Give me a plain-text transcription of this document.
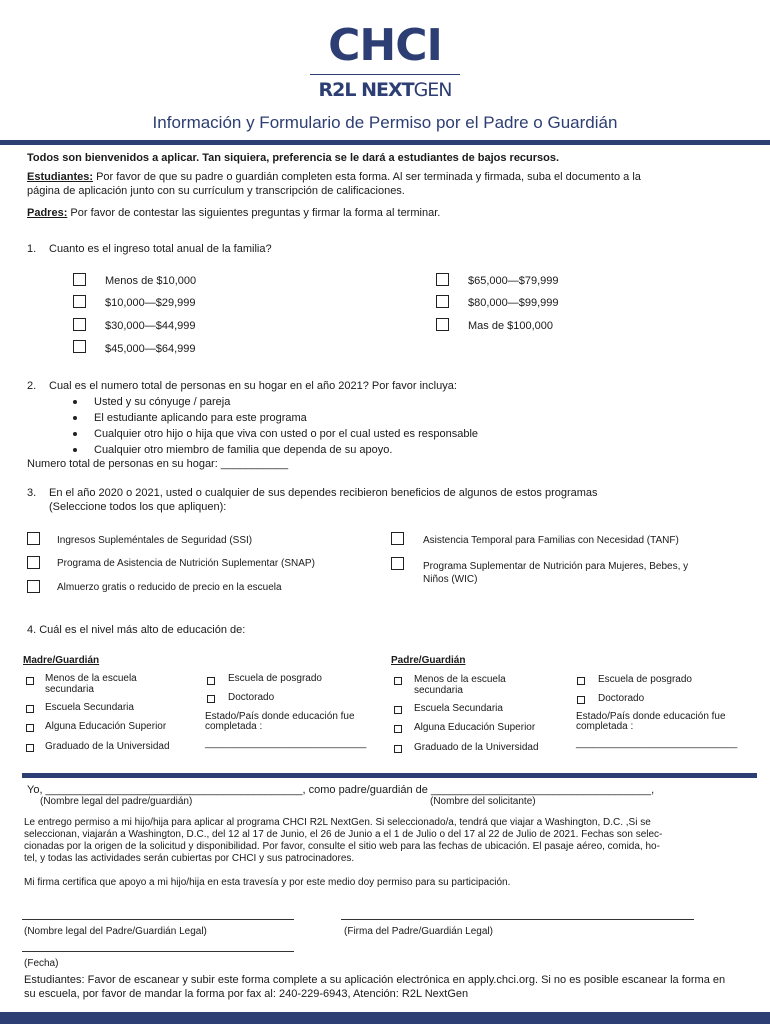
CHCI
R2L NEXTGEN
Información y Formulario de Permiso por el Padre o Guardián
Todos son bienvenidos a aplicar. Tan siquiera, preferencia se le dará a estudiantes de bajos recursos.
Estudiantes: Por favor de que su padre o guardián completen esta forma. Al ser terminada y firmada, suba el documento a la
página de aplicación junto con su currículum y transcripción de calificaciones.
Padres: Por favor de contestar las siguientes preguntas y firmar la forma al terminar.
1. Cuanto es el ingreso total anual de la familia?
Menos de $10,000
$10,000—$29,999
$30,000—$44,999
$45,000—$64,999
$65,000—$79,999
$80,000—$99,999
Mas de $100,000
2. Cual es el numero total de personas en su hogar en el año 2021? Por favor incluya:
Usted y su cónyuge / pareja
El estudiante aplicando para este programa
Cualquier otro hijo o hija que viva con usted o por el cual usted es responsable
Cualquier otro miembro de familia que dependa de su apoyo.
Numero total de personas en su hogar: ___________
3. En el año 2020 o 2021, usted o cualquier de sus dependes recibieron beneficios de algunos de estos programas
(Seleccione todos los que apliquen):
Ingresos Supleméntales de Seguridad (SSI)
Programa de Asistencia de Nutrición Suplementar (SNAP)
Almuerzo gratis o reducido de precio en la escuela
Asistencia Temporal para Familias con Necesidad (TANF)
Programa Suplementar de Nutrición para Mujeres, Bebes, y
Niños (WIC)
4. Cuál es el nivel más alto de educación de:
Madre/Guardián
Menos de la escuela
secundaria
Escuela Secundaria
Alguna Educación Superior
Graduado de la Universidad
Escuela de posgrado
Doctorado
Estado/País donde educación fue
completada :
_____________________________
Padre/Guardián
Menos de la escuela
secundaria
Escuela Secundaria
Alguna Educación Superior
Graduado de la Universidad
Escuela de posgrado
Doctorado
Estado/País donde educación fue
completada :
_____________________________
Yo, __________________________________________, como padre/guardián de ____________________________________,
(Nombre legal del padre/guardián)	(Nombre del solicitante)
Le entrego permiso a mi hijo/hija para aplicar al programa CHCI R2L NextGen. Si seleccionado/a, tendrá que viajar a Washington, D.C. ,Si se
seleccionan, viajarán a Washington, D.C., del 12 al 17 de Junio, el 26 de Junio a el 1 de Julio o del 17 al 22 de Julio de 2021. Fechas son selec-
cionadas por la origen de la solicitud y disponibilidad. Por favor, consulte el sitio web para las fechas de ubicación. El pasaje aéreo, comida, ho-
tel, y todas las actividades serán cubiertas por CHCI y sus patrocinadores.
Mi firma certifica que apoyo a mi hijo/hija en esta travesía y por este medio doy permiso para su participación.
(Nombre legal del Padre/Guardián Legal)	(Firma del Padre/Guardián Legal)
(Fecha)
Estudiantes: Favor de escanear y subir este forma complete a su aplicación electrónica en apply.chci.org. Si no es posible escanear la forma en
su escuela, por favor de mandar la forma por fax al: 240-229-6943, Atención: R2L NextGen
